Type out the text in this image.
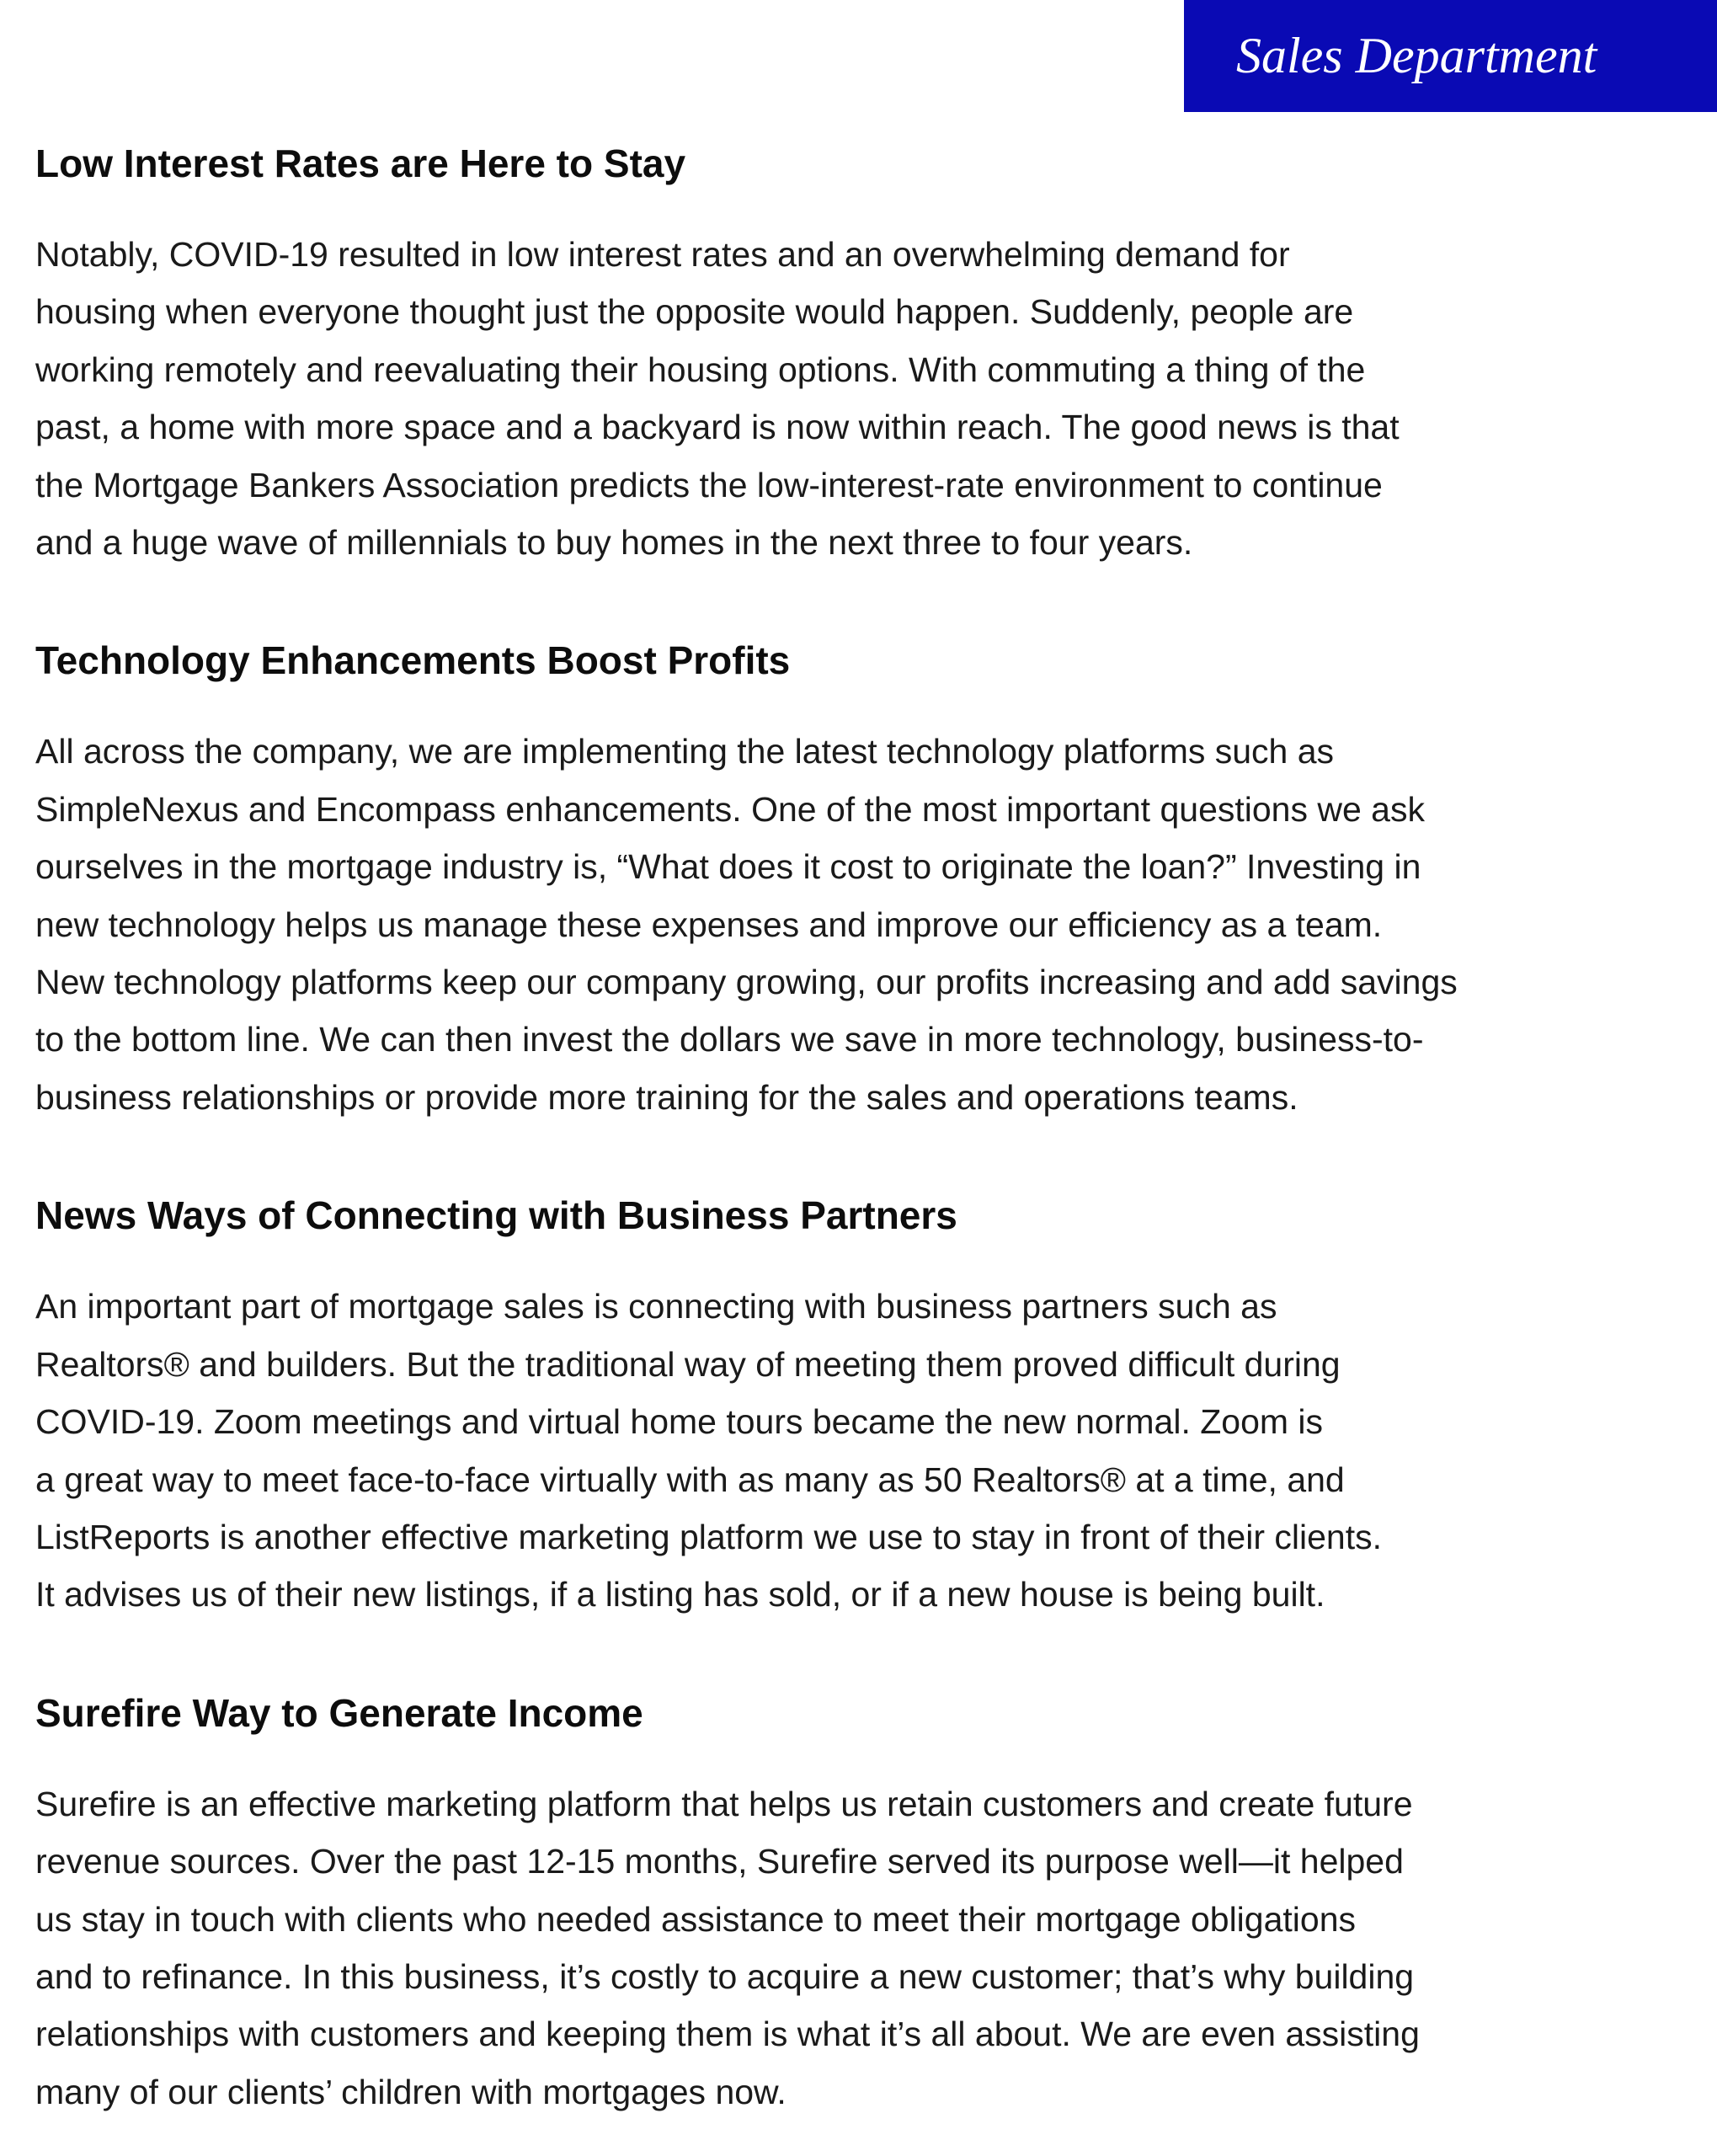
Sales Department
Low Interest Rates are Here to Stay

Notably, COVID-19 resulted in low interest rates and an overwhelming demand for
housing when everyone thought just the opposite would happen. Suddenly, people are
working remotely and reevaluating their housing options. With commuting a thing of the
past, a home with more space and a backyard is now within reach. The good news is that
the Mortgage Bankers Association predicts the low-interest-rate environment to continue
and a huge wave of millennials to buy homes in the next three to four years.

Technology Enhancements Boost Profits

All across the company, we are implementing the latest technology platforms such as
SimpleNexus and Encompass enhancements. One of the most important questions we ask
ourselves in the mortgage industry is, “What does it cost to originate the loan?” Investing in
new technology helps us manage these expenses and improve our efficiency as a team.
New technology platforms keep our company growing, our profits increasing and add savings
to the bottom line. We can then invest the dollars we save in more technology, business-to-
business relationships or provide more training for the sales and operations teams.

News Ways of Connecting with Business Partners

An important part of mortgage sales is connecting with business partners such as
Realtors® and builders. But the traditional way of meeting them proved difficult during
COVID-19. Zoom meetings and virtual home tours became the new normal. Zoom is
a great way to meet face-to-face virtually with as many as 50 Realtors® at a time, and
ListReports is another effective marketing platform we use to stay in front of their clients.
It advises us of their new listings, if a listing has sold, or if a new house is being built.

Surefire Way to Generate Income

Surefire is an effective marketing platform that helps us retain customers and create future
revenue sources. Over the past 12-15 months, Surefire served its purpose well—it helped
us stay in touch with clients who needed assistance to meet their mortgage obligations
and to refinance. In this business, it’s costly to acquire a new customer; that’s why building
relationships with customers and keeping them is what it’s all about. We are even assisting
many of our clients’ children with mortgages now.
